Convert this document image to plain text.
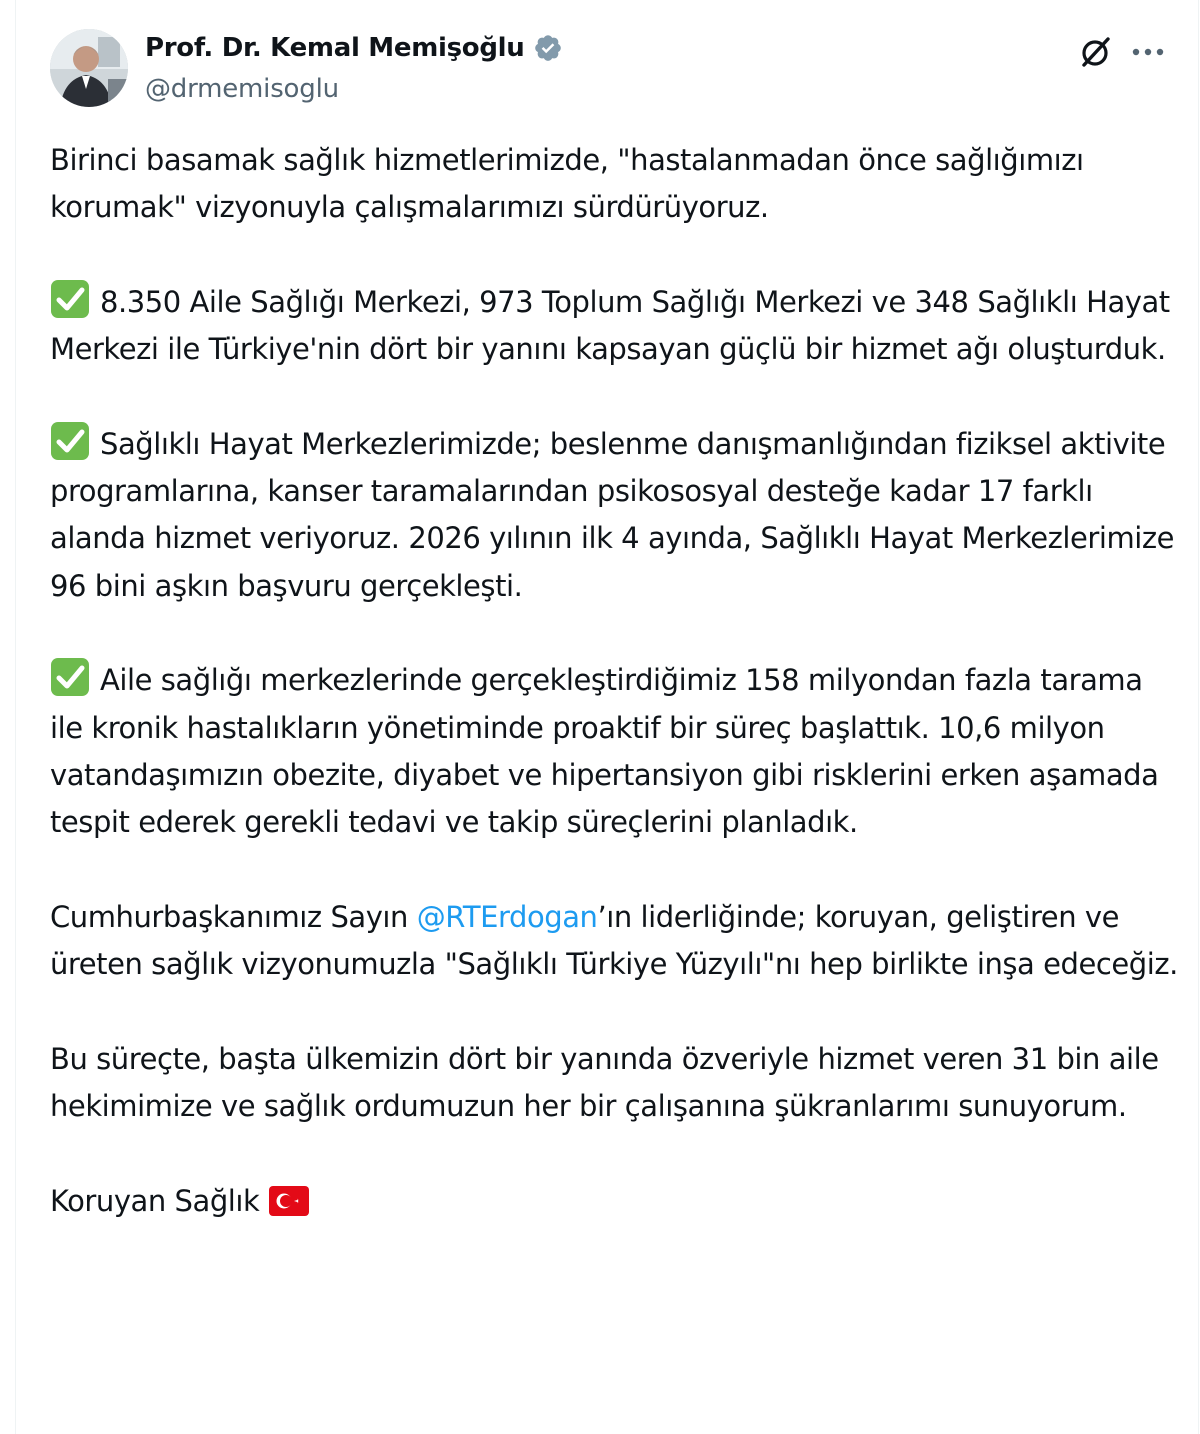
Prof. Dr. Kemal Memişoğlu
@drmemisoglu

Birinci basamak sağlık hizmetlerimizde, "hastalanmadan önce sağlığımızı korumak" vizyonuyla çalışmalarımızı sürdürüyoruz.

8.350 Aile Sağlığı Merkezi, 973 Toplum Sağlığı Merkezi ve 348 Sağlıklı Hayat Merkezi ile Türkiye'nin dört bir yanını kapsayan güçlü bir hizmet ağı oluşturduk.

Sağlıklı Hayat Merkezlerimizde; beslenme danışmanlığından fiziksel aktivite programlarına, kanser taramalarından psikososyal desteğe kadar 17 farklı alanda hizmet veriyoruz. 2026 yılının ilk 4 ayında, Sağlıklı Hayat Merkezlerimize 96 bini aşkın başvuru gerçekleşti.

Aile sağlığı merkezlerinde gerçekleştirdiğimiz 158 milyondan fazla tarama ile kronik hastalıkların yönetiminde proaktif bir süreç başlattık. 10,6 milyon vatandaşımızın obezite, diyabet ve hipertansiyon gibi risklerini erken aşamada tespit ederek gerekli tedavi ve takip süreçlerini planladık.

Cumhurbaşkanımız Sayın @RTErdogan’ın liderliğinde; koruyan, geliştiren ve üreten sağlık vizyonumuzla "Sağlıklı Türkiye Yüzyılı"nı hep birlikte inşa edeceğiz.

Bu süreçte, başta ülkemizin dört bir yanında özveriyle hizmet veren 31 bin aile hekimimize ve sağlık ordumuzun her bir çalışanına şükranlarımı sunuyorum.

Koruyan Sağlık
